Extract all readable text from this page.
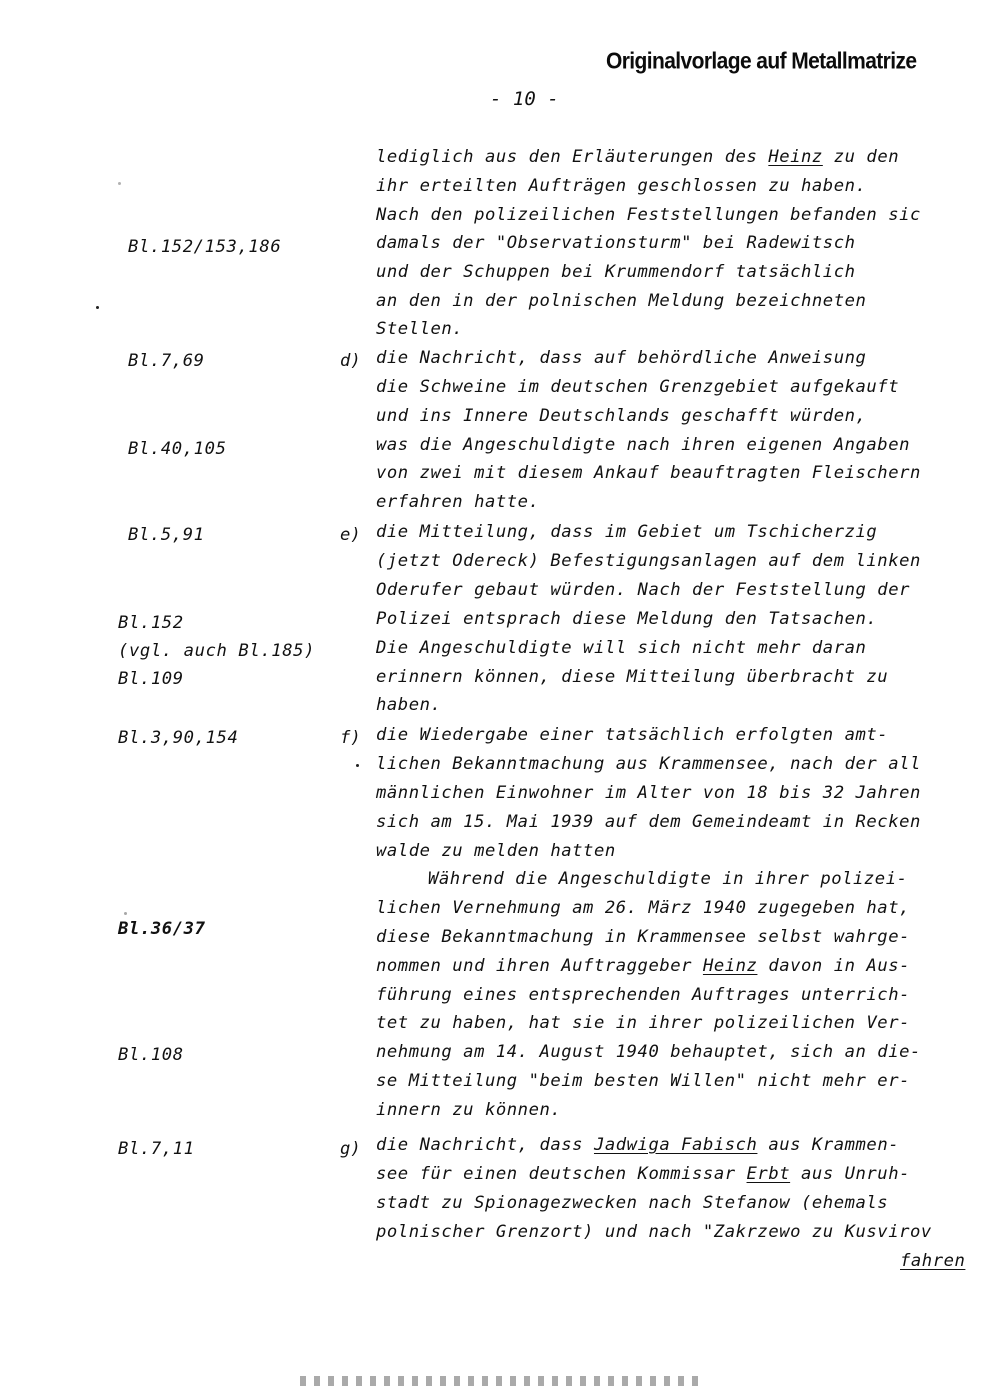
Originalvorlage auf Metallmatrize
- 10 -
Bl.152/153,186
Bl.7,69
Bl.40,105
Bl.5,91
Bl.152
(vgl. auch Bl.185)
Bl.109
Bl.3,90,154
Bl.36/37
Bl.108
Bl.7,11
d)
e)
f)
g)
lediglich aus den Erläuterungen des Heinz zu den
ihr erteilten Aufträgen geschlossen zu haben.
Nach den polizeilichen Feststellungen befanden sic
damals der "Observationsturm" bei Radewitsch
und der Schuppen bei Krummendorf tatsächlich
an den in der polnischen Meldung bezeichneten
Stellen.
die Nachricht, dass auf behördliche Anweisung
die Schweine im deutschen Grenzgebiet aufgekauft
und ins Innere Deutschlands geschafft würden,
was die Angeschuldigte nach ihren eigenen Angaben
von zwei mit diesem Ankauf beauftragten Fleischern
erfahren hatte.
die Mitteilung, dass im Gebiet um Tschicherzig
(jetzt Odereck) Befestigungsanlagen auf dem linken
Oderufer gebaut würden. Nach der Feststellung der
Polizei entsprach diese Meldung den Tatsachen.
Die Angeschuldigte will sich nicht mehr daran
erinnern können, diese Mitteilung überbracht zu
haben.
die Wiedergabe einer tatsächlich erfolgten amt-
lichen Bekanntmachung aus Krammensee, nach der all
männlichen Einwohner im Alter von 18 bis 32 Jahren
sich am 15. Mai 1939 auf dem Gemeindeamt in Recken
walde zu melden hatten
Während die Angeschuldigte in ihrer polizei-
lichen Vernehmung am 26. März 1940 zugegeben hat,
diese Bekanntmachung in Krammensee selbst wahrge-
nommen und ihren Auftraggeber Heinz davon in Aus-
führung eines entsprechenden Auftrages unterrich-
tet zu haben, hat sie in ihrer polizeilichen Ver-
nehmung am 14. August 1940 behauptet, sich an die-
se Mitteilung "beim besten Willen" nicht mehr er-
innern zu können.
die Nachricht, dass Jadwiga Fabisch aus Krammen-
see für einen deutschen Kommissar Erbt aus Unruh-
stadt zu Spionagezwecken nach Stefanow (ehemals
polnischer Grenzort) und nach "Zakrzewo zu Kusvirov
fahren
